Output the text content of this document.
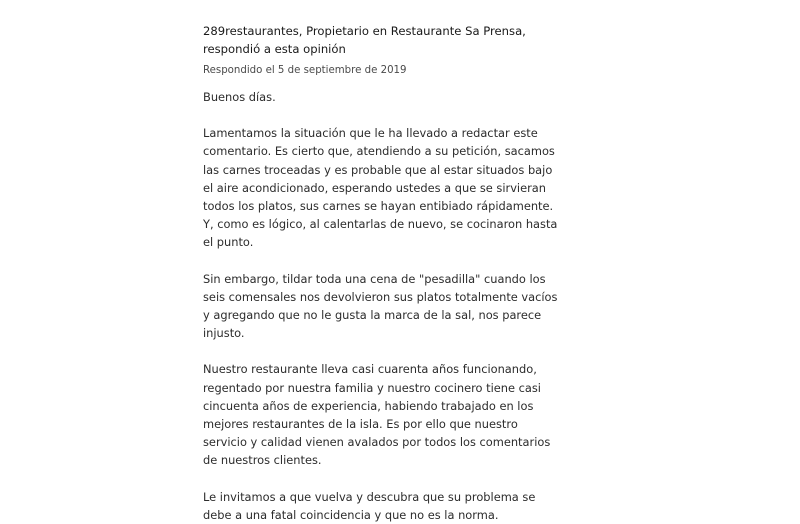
289restaurantes, Propietario en Restaurante Sa Prensa, respondió a esta opinión

Respondido el 5 de septiembre de 2019

Buenos días.

Lamentamos la situación que le ha llevado a redactar este comentario. Es cierto que, atendiendo a su petición, sacamos las carnes troceadas y es probable que al estar situados bajo el aire acondicionado, esperando ustedes a que se sirvieran todos los platos, sus carnes se hayan entibiado rápidamente. Y, como es lógico, al calentarlas de nuevo, se cocinaron hasta el punto.

Sin embargo, tildar toda una cena de "pesadilla" cuando los seis comensales nos devolvieron sus platos totalmente vacíos y agregando que no le gusta la marca de la sal, nos parece injusto.

Nuestro restaurante lleva casi cuarenta años funcionando, regentado por nuestra familia y nuestro cocinero tiene casi cincuenta años de experiencia, habiendo trabajado en los mejores restaurantes de la isla. Es por ello que nuestro servicio y calidad vienen avalados por todos los comentarios de nuestros clientes.

Le invitamos a que vuelva y descubra que su problema se debe a una fatal coincidencia y que no es la norma.
